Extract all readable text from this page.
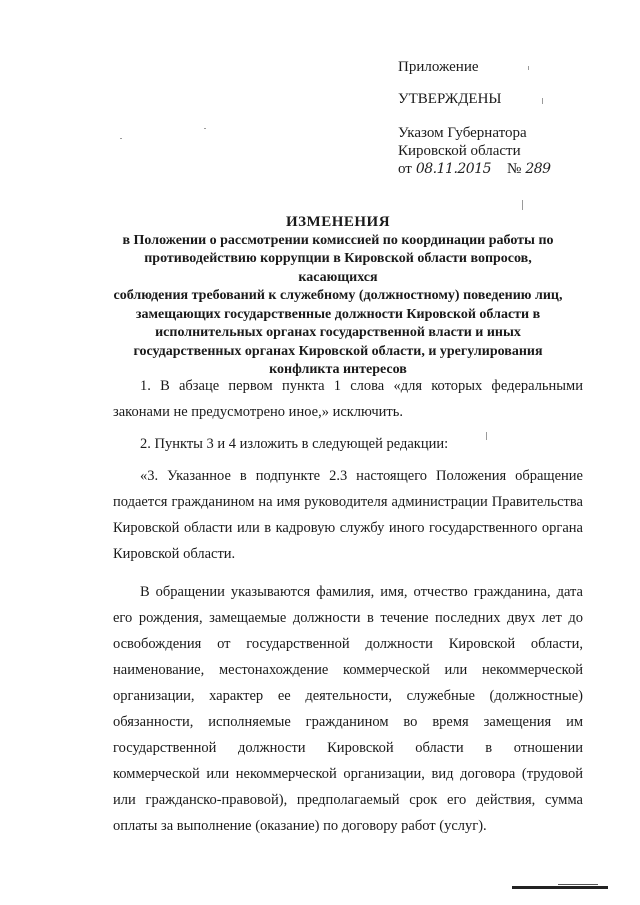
Приложение
УТВЕРЖДЕНЫ
Указом Губернатора
Кировской области
от 08.11.2015 № 289
ИЗМЕНЕНИЯ
в Положении о рассмотрении комиссией по координации работы по
противодействию коррупции в Кировской области вопросов, касающихся
соблюдения требований к служебному (должностному) поведению лиц,
замещающих государственные должности Кировской области в
исполнительных органах государственной власти и иных
государственных органах Кировской области, и урегулирования
конфликта интересов

1. В абзаце первом пункта 1 слова «для которых федеральными законами не предусмотрено иное,» исключить.

2. Пункты 3 и 4 изложить в следующей редакции:

«3. Указанное в подпункте 2.3 настоящего Положения обращение подается гражданином на имя руководителя администрации Правительства Кировской области или в кадровую службу иного государственного органа Кировской области.

В обращении указываются фамилия, имя, отчество гражданина, дата его рождения, замещаемые должности в течение последних двух лет до освобождения от государственной должности Кировской области, наименование, местонахождение коммерческой или некоммерческой организации, характер ее деятельности, служебные (должностные) обязанности, исполняемые гражданином во время замещения им государственной должности Кировской области в отношении коммерческой или некоммерческой организации, вид договора (трудовой или гражданско-правовой), предполагаемый срок его действия, сумма оплаты за выполнение (оказание) по договору работ (услуг).
